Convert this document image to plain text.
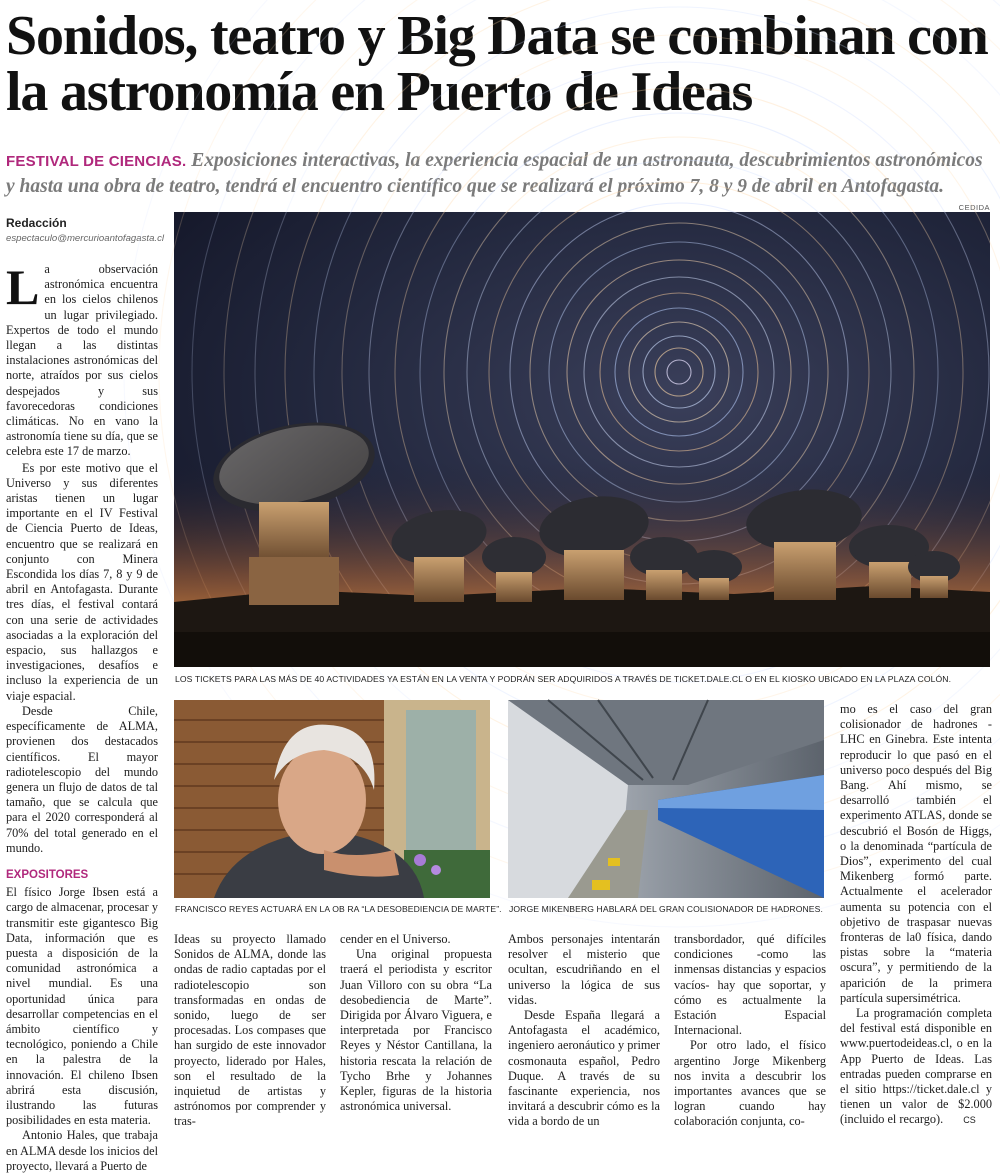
Sonidos, teatro y Big Data se combinan con la astronomía en Puerto de Ideas
FESTIVAL DE CIENCIAS. Exposiciones interactivas, la experiencia espacial de un astronauta, descubrimientos astronómicos y hasta una obra de teatro, tendrá el encuentro científico que se realizará el próximo 7, 8 y 9 de abril en Antofagasta.
Redacción
espectaculo@mercurioantofagasta.cl

La observación astronómica encuentra en los cielos chilenos un lugar privilegiado. Expertos de todo el mundo llegan a las distintas instalaciones astronómicas del norte, atraídos por sus cielos despejados y sus favorecedoras condiciones climáticas. No en vano la astronomía tiene su día, que se celebra este 17 de marzo.

Es por este motivo que el Universo y sus diferentes aristas tienen un lugar importante en el IV Festival de Ciencia Puerto de Ideas, encuentro que se realizará en conjunto con Minera Escondida los días 7, 8 y 9 de abril en Antofagasta. Durante tres días, el festival contará con una serie de actividades asociadas a la exploración del espacio, sus hallazgos e investigaciones, desafíos e incluso la experiencia de un viaje espacial.

Desde Chile, específicamente de ALMA, provienen dos destacados científicos. El mayor radiotelescopio del mundo genera un flujo de datos de tal tamaño, que se calcula que para el 2020 corresponderá al 70% del total generado en el mundo.

EXPOSITORES

El físico Jorge Ibsen está a cargo de almacenar, procesar y transmitir este gigantesco Big Data, información que es puesta a disposición de la comunidad astronómica a nivel mundial. Es una oportunidad única para desarrollar competencias en el ámbito científico y tecnológico, poniendo a Chile en la palestra de la innovación. El chileno Ibsen abrirá esta discusión, ilustrando las futuras posibilidades en esta materia.

Antonio Hales, que trabaja en ALMA desde los inicios del proyecto, llevará a Puerto de

CEDIDA
LOS TICKETS PARA LAS MÁS DE 40 ACTIVIDADES YA ESTÁN EN LA VENTA Y PODRÁN SER ADQUIRIDOS A TRAVÉS DE TICKET.DALE.CL O EN EL KIOSKO UBICADO EN LA PLAZA COLÓN.
FRANCISCO REYES ACTUARÁ EN LA OB RA “LA DESOBEDIENCIA DE MARTE”. JORGE MIKENBERG HABLARÁ DEL GRAN COLISIONADOR DE HADRONES.

Ideas su proyecto llamado Sonidos de ALMA, donde las ondas de radio captadas por el radiotelescopio son transformadas en ondas de sonido, luego de ser procesadas. Los compases que han surgido de este innovador proyecto, liderado por Hales, son el resultado de la inquietud de artistas y astrónomos por comprender y tras-

cender en el Universo.

Una original propuesta traerá el periodista y escritor Juan Villoro con su obra “La desobediencia de Marte”. Dirigida por Álvaro Viguera, e interpretada por Francisco Reyes y Néstor Cantillana, la historia rescata la relación de Tycho Brhe y Johannes Kepler, figuras de la historia astronómica universal.

Ambos personajes intentarán resolver el misterio que ocultan, escudriñando en el universo la lógica de sus vidas.

Desde España llegará a Antofagasta el académico, ingeniero aeronáutico y primer cosmonauta español, Pedro Duque. A través de su fascinante experiencia, nos invitará a descubrir cómo es la vida a bordo de un

transbordador, qué difíciles condiciones -como las inmensas distancias y espacios vacíos- hay que soportar, y cómo es actualmente la Estación Espacial Internacional.

Por otro lado, el físico argentino Jorge Mikenberg nos invita a descubrir los importantes avances que se logran cuando hay colaboración conjunta, co-

mo es el caso del gran colisionador de hadrones - LHC en Ginebra. Este intenta reproducir lo que pasó en el universo poco después del Big Bang. Ahí mismo, se desarrolló también el experimento ATLAS, donde se descubrió el Bosón de Higgs, o la denominada “partícula de Dios”, experimento del cual Mikenberg formó parte. Actualmente el acelerador aumenta su potencia con el objetivo de traspasar nuevas fronteras de la0 física, dando pistas sobre la “materia oscura”, y permitiendo de la aparición de la primera partícula supersimétrica.

La programación completa del festival está disponible en www.puertodeideas.cl, o en la App Puerto de Ideas. Las entradas pueden comprarse en el sitio https://ticket.dale.cl y tienen un valor de $2.000 (incluido el recargo). CS
